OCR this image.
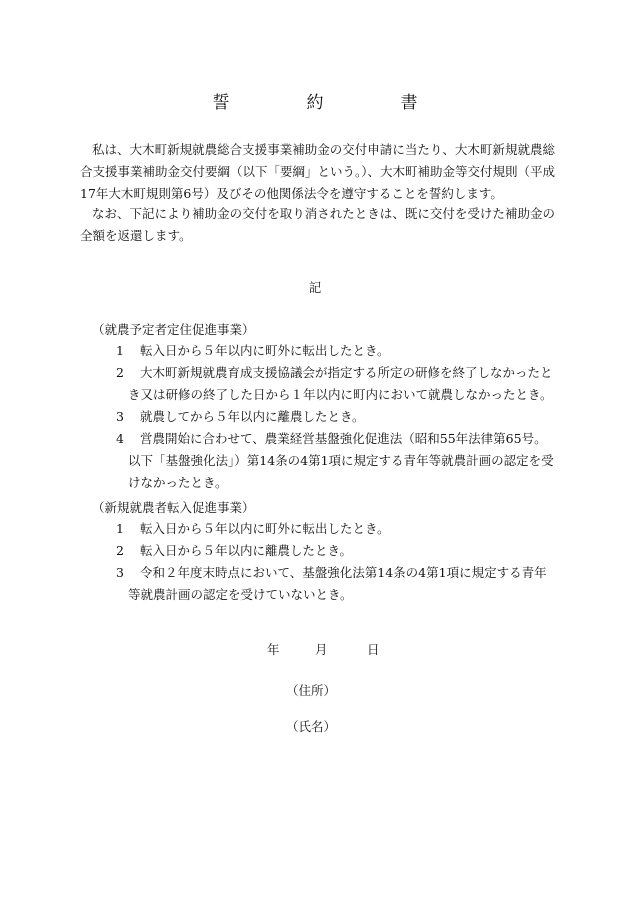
誓　約　書

私は、大木町新規就農総合支援事業補助金の交付申請に当たり、大木町新規就農総合支援事業補助金交付要綱（以下「要綱」という。）、大木町補助金等交付規則（平成17年大木町規則第6号）及びその他関係法令を遵守することを誓約します。

なお、下記により補助金の交付を取り消されたときは、既に交付を受けた補助金の全額を返還します。

記

（就農予定者定住促進事業）

1 転入日から５年以内に町外に転出したとき。
2 大木町新規就農育成支援協議会が指定する所定の研修を終了しなかったとき又は研修の終了した日から１年以内に町内において就農しなかったとき。
3 就農してから５年以内に離農したとき。
4 営農開始に合わせて、農業経営基盤強化促進法（昭和55年法律第65号。以下「基盤強化法」）第14条の4第1項に規定する青年等就農計画の認定を受けなかったとき。

（新規就農者転入促進事業）

1 転入日から５年以内に町外に転出したとき。
2 転入日から５年以内に離農したとき。
3 令和２年度末時点において、基盤強化法第14条の4第1項に規定する青年等就農計画の認定を受けていないとき。
年	月	日
（住所）
（氏名）
